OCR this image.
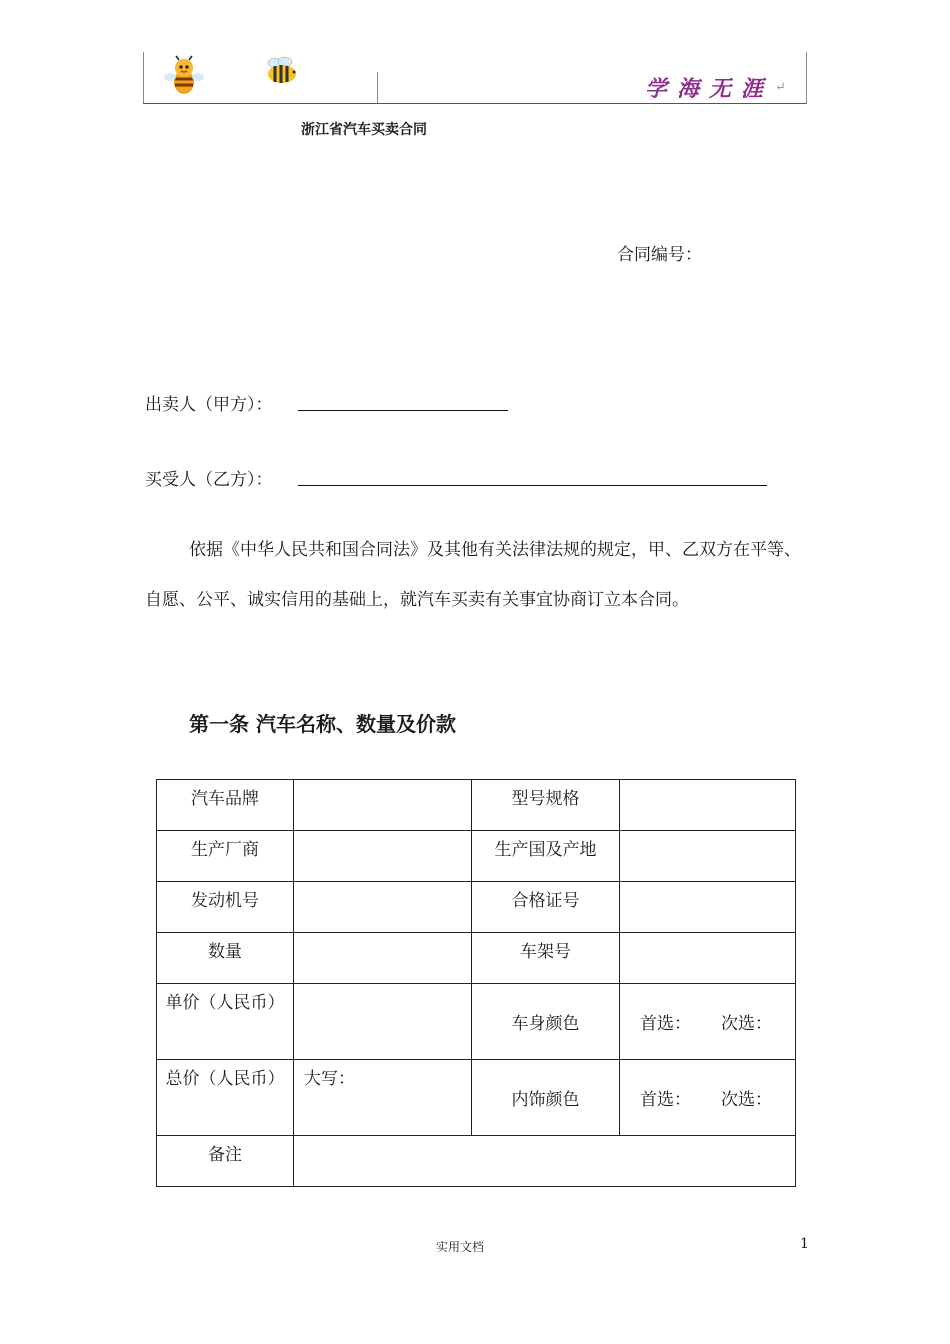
学海无涯 ↵
浙江省汽车买卖合同
合同编号：
出卖人（甲方）：
买受人（乙方）：

依据《中华人民共和国合同法》及其他有关法律法规的规定，甲、乙双方在平等、自愿、公平、诚实信用的基础上，就汽车买卖有关事宜协商订立本合同。

第一条 汽车名称、数量及价款
汽车品牌		型号规格	
生产厂商		生产国及产地	
发动机号		合格证号	
数量		车架号	
单价（人民币）		车身颜色	首选： 次选：
总价（人民币）	大写：	内饰颜色	首选： 次选：
备注			
实用文档	1
